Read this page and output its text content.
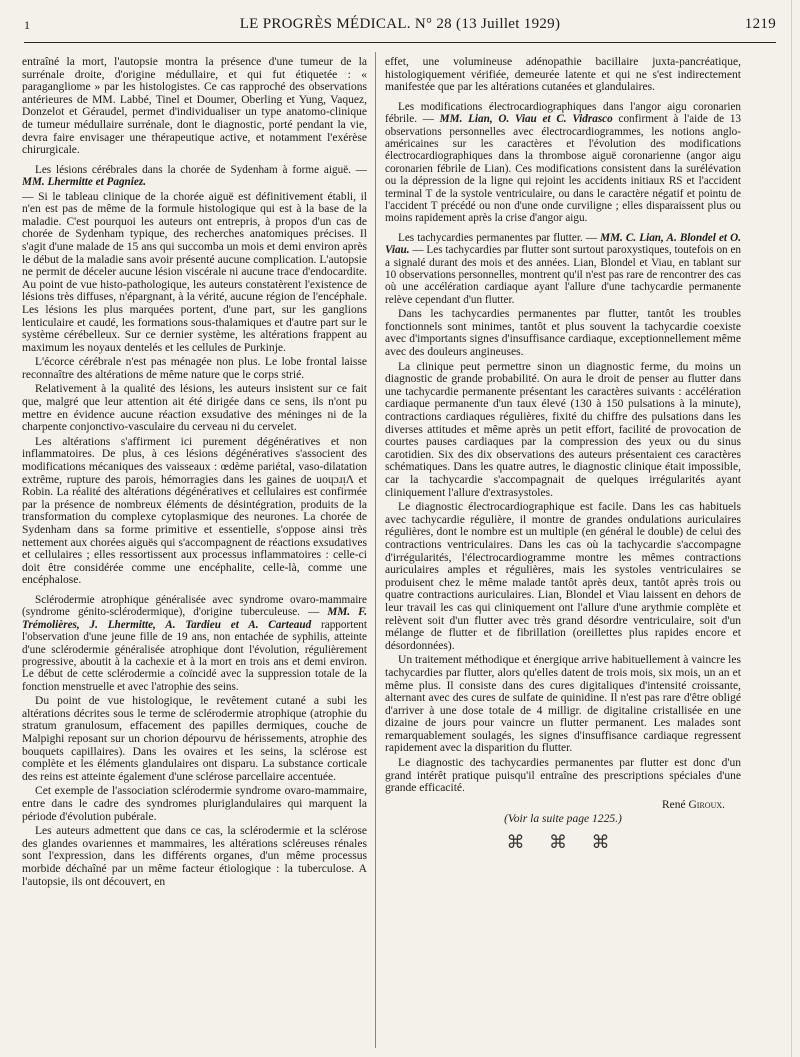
1	LE PROGRÈS MÉDICAL. N° 28 (13 Juillet 1929)	1219

entraîné la mort, l'autopsie montra la présence d'une tumeur de la surrénale droite, d'origine médullaire, et qui fut étiquetée : « paragangliome » par les histologistes. Ce cas rapproché des observations antérieures de MM. Labbé, Tinel et Doumer, Oberling et Yung, Vaquez, Donzelot et Géraudel, permet d'individualiser un type anatomo-clinique de tumeur médullaire surrénale, dont le diagnostic, porté pendant la vie, devra faire envisager une thérapeutique active, et notamment l'exérèse chirurgicale.

Les lésions cérébrales dans la chorée de Sydenham à forme aiguë. — MM. Lhermitte et Pagniez.

— Si le tableau clinique de la chorée aiguë est définitivement établi, il n'en est pas de même de la formule histologique qui est à la base de la maladie. C'est pourquoi les auteurs ont entrepris, à propos d'un cas de chorée de Sydenham typique, des recherches anatomiques précises. Il s'agit d'une malade de 15 ans qui succomba un mois et demi environ après le début de la maladie sans avoir présenté aucune complication. L'autopsie ne permit de déceler aucune lésion viscérale ni aucune trace d'endocardite. Au point de vue histo-pathologique, les auteurs constatèrent l'existence de lésions très diffuses, n'épargnant, à la vérité, aucune région de l'encéphale. Les lésions les plus marquées portent, d'une part, sur les ganglions lenticulaire et caudé, les formations sous-thalamiques et d'autre part sur le système cérébelleux. Sur ce dernier système, les altérations frappent au maximum les noyaux dentelés et les cellules de Purkinje.

L'écorce cérébrale n'est pas ménagée non plus. Le lobe frontal laisse reconnaître des altérations de même nature que le corps strié.

Relativement à la qualité des lésions, les auteurs insistent sur ce fait que, malgré que leur attention ait été dirigée dans ce sens, ils n'ont pu mettre en évidence aucune réaction exsudative des méninges ni de la charpente conjonctivo-vasculaire du cerveau ni du cervelet.

Les altérations s'affirment ici purement dégénératives et non inflammatoires. De plus, à ces lésions dégénératives s'associent des modifications mécaniques des vaisseaux : œdème pariétal, vaso-dilatation extrême, rupture des parois, hémorragies dans les gaines de uoɥɔɹᴉΛ et Robin. La réalité des altérations dégénératives et cellulaires est confirmée par la présence de nombreux éléments de désintégration, produits de la transformation du complexe cytoplasmique des neurones. La chorée de Sydenham dans sa forme primitive et essentielle, s'oppose ainsi très nettement aux chorées aiguës qui s'accompagnent de réactions exsudatives et cellulaires ; elles ressortissent aux processus inflammatoires : celle-ci doit être considérée comme une encéphalite, celle-là, comme une encéphalose.

Sclérodermie atrophique généralisée avec syndrome ovaro-mammaire (syndrome génito-sclérodermique), d'origine tuberculeuse. — MM. F. Trémolières, J. Lhermitte, A. Tardieu et A. Carteaud rapportent l'observation d'une jeune fille de 19 ans, non entachée de syphilis, atteinte d'une sclérodermie généralisée atrophique dont l'évolution, régulièrement progressive, aboutit à la cachexie et à la mort en trois ans et demi environ. Le début de cette sclérodermie a coïncidé avec la suppression totale de la fonction menstruelle et avec l'atrophie des seins.

Du point de vue histologique, le revêtement cutané a subi les altérations décrites sous le terme de sclérodermie atrophique (atrophie du stratum granulosum, effacement des papilles dermiques, couche de Malpighi reposant sur un chorion dépourvu de hérissements, atrophie des bouquets capillaires). Dans les ovaires et les seins, la sclérose est complète et les éléments glandulaires ont disparu. La substance corticale des reins est atteinte également d'une sclérose parcellaire accentuée.

Cet exemple de l'association sclérodermie syndrome ovaro-mammaire, entre dans le cadre des syndromes pluriglandulaires qui marquent la période d'évolution pubérale.

Les auteurs admettent que dans ce cas, la sclérodermie et la sclérose des glandes ovariennes et mammaires, les altérations scléreuses rénales sont l'expression, dans les différents organes, d'un même processus morbide déchaîné par un même facteur étiologique : la tuberculose. A l'autopsie, ils ont découvert, en

effet, une volumineuse adénopathie bacillaire juxta-pancréatique, histologiquement vérifiée, demeurée latente et qui ne s'est indirectement manifestée que par les altérations cutanées et glandulaires.

Les modifications électrocardiographiques dans l'angor aigu coronarien fébrile. — MM. Lian, O. Viau et C. Vidrasco confirment à l'aide de 13 observations personnelles avec électrocardiogrammes, les notions anglo-américaines sur les caractères et l'évolution des modifications électrocardiographiques dans la thrombose aiguë coronarienne (angor aigu coronarien fébrile de Lian). Ces modifications consistent dans la surélévation ou la dépression de la ligne qui rejoint les accidents initiaux RS et l'accident terminal T de la systole ventriculaire, ou dans le caractère négatif et pointu de l'accident T précédé ou non d'une onde curviligne ; elles disparaissent plus ou moins rapidement après la crise d'angor aigu.
Les tachycardies permanentes par flutter. — MM. C. Lian, A. Blondel et O. Viau. — Les tachycardies par flutter sont surtout paroxystiques, toutefois on en a signalé durant des mois et des années. Lian, Blondel et Viau, en tablant sur 10 observations personnelles, montrent qu'il n'est pas rare de rencontrer des cas où une accélération cardiaque ayant l'allure d'une tachycardie permanente relève cependant d'un flutter.

Dans les tachycardies permanentes par flutter, tantôt les troubles fonctionnels sont minimes, tantôt et plus souvent la tachycardie coexiste avec d'importants signes d'insuffisance cardiaque, exceptionnellement même avec des douleurs angineuses.

La clinique peut permettre sinon un diagnostic ferme, du moins un diagnostic de grande probabilité. On aura le droit de penser au flutter dans une tachycardie permanente présentant les caractères suivants : accélération cardiaque permanente d'un taux élevé (130 à 150 pulsations à la minute), contractions cardiaques régulières, fixité du chiffre des pulsations dans les diverses attitudes et même après un petit effort, facilité de provocation de courtes pauses cardiaques par la compression des yeux ou du sinus carotidien. Six des dix observations des auteurs présentaient ces caractères schématiques. Dans les quatre autres, le diagnostic clinique était impossible, car la tachycardie s'accompagnait de quelques irrégularités ayant cliniquement l'allure d'extrasystoles.

Le diagnostic électrocardiographique est facile. Dans les cas habituels avec tachycardie régulière, il montre de grandes ondulations auriculaires régulières, dont le nombre est un multiple (en général le double) de celui des contractions ventriculaires. Dans les cas où la tachycardie s'accompagne d'irrégularités, l'électrocardiogramme montre les mêmes contractions auriculaires amples et régulières, mais les systoles ventriculaires se produisent chez le même malade tantôt après deux, tantôt après trois ou quatre contractions auriculaires. Lian, Blondel et Viau laissent en dehors de leur travail les cas qui cliniquement ont l'allure d'une arythmie complète et relèvent soit d'un flutter avec très grand désordre ventriculaire, soit d'un mélange de flutter et de fibrillation (oreillettes plus rapides encore et désordonnées).

Un traitement méthodique et énergique arrive habituellement à vaincre les tachycardies par flutter, alors qu'elles datent de trois mois, six mois, un an et même plus. Il consiste dans des cures digitaliques d'intensité croissante, alternant avec des cures de sulfate de quinidine. Il n'est pas rare d'être obligé d'arriver à une dose totale de 4 milligr. de digitaline cristallisée en une dizaine de jours pour vaincre un flutter permanent. Les malades sont remarquablement soulagés, les signes d'insuffisance cardiaque regressent rapidement avec la disparition du flutter.

Le diagnostic des tachycardies permanentes par flutter est donc d'un grand intérêt pratique puisqu'il entraîne des prescriptions spéciales d'une grande efficacité.

René Giroux.
(Voir la suite page 1225.)
⌘ ⌘ ⌘
